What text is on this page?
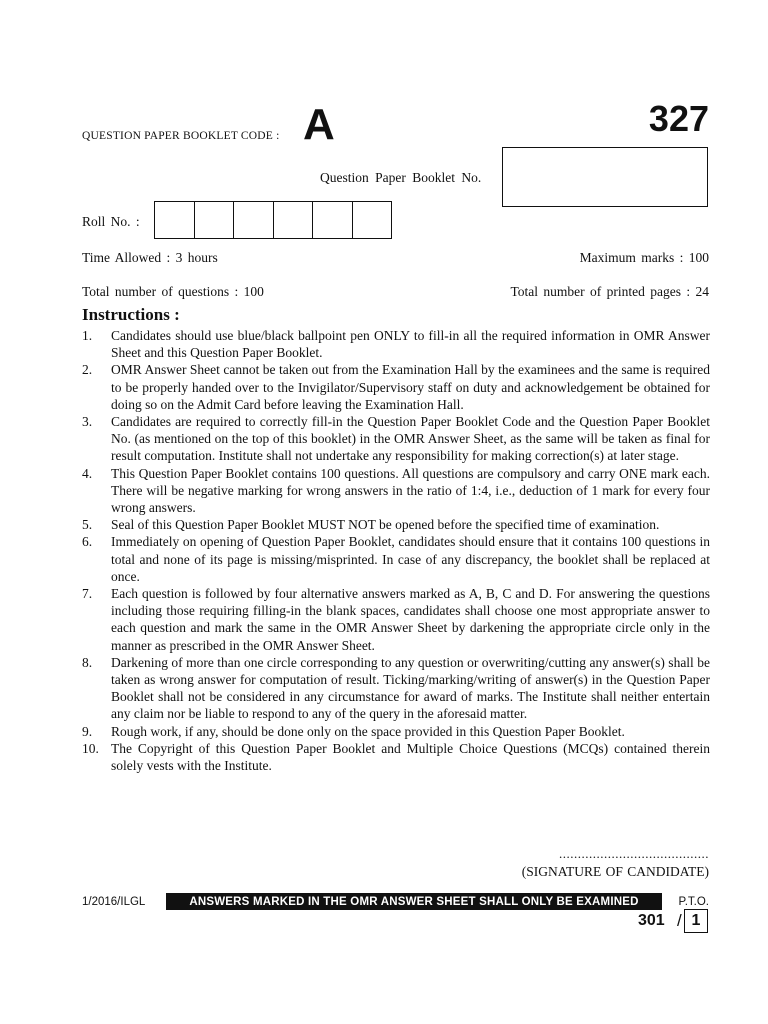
QUESTION PAPER BOOKLET CODE : A	327
Question Paper Booklet No.
Roll No. :
Time Allowed : 3 hours	Maximum marks : 100
Total number of questions : 100	Total number of printed pages : 24
Instructions :
1.	Candidates should use blue/black ballpoint pen ONLY to fill-in all the required information in OMR Answer Sheet and this Question Paper Booklet.
2.	OMR Answer Sheet cannot be taken out from the Examination Hall by the examinees and the same is required to be properly handed over to the Invigilator/Supervisory staff on duty and acknowledgement be obtained for doing so on the Admit Card before leaving the Examination Hall.
3.	Candidates are required to correctly fill-in the Question Paper Booklet Code and the Question Paper Booklet No. (as mentioned on the top of this booklet) in the OMR Answer Sheet, as the same will be taken as final for result computation. Institute shall not undertake any responsibility for making correction(s) at later stage.
4.	This Question Paper Booklet contains 100 questions. All questions are compulsory and carry ONE mark each. There will be negative marking for wrong answers in the ratio of 1:4, i.e., deduction of 1 mark for every four wrong answers.
5.	Seal of this Question Paper Booklet MUST NOT be opened before the specified time of examination.
6.	Immediately on opening of Question Paper Booklet, candidates should ensure that it contains 100 questions in total and none of its page is missing/misprinted. In case of any discrepancy, the booklet shall be replaced at once.
7.	Each question is followed by four alternative answers marked as A, B, C and D. For answering the questions including those requiring filling-in the blank spaces, candidates shall choose one most appropriate answer to each question and mark the same in the OMR Answer Sheet by darkening the appropriate circle only in the manner as prescribed in the OMR Answer Sheet.
8.	Darkening of more than one circle corresponding to any question or overwriting/cutting any answer(s) shall be taken as wrong answer for computation of result. Ticking/marking/writing of answer(s) in the Question Paper Booklet shall not be considered in any circumstance for award of marks. The Institute shall neither entertain any claim nor be liable to respond to any of the query in the aforesaid matter.
9.	Rough work, if any, should be done only on the space provided in this Question Paper Booklet.
10. The Copyright of this Question Paper Booklet and Multiple Choice Questions (MCQs) contained therein solely vests with the Institute.
........................................
(SIGNATURE OF CANDIDATE)
1/2016/ILGL	ANSWERS MARKED IN THE OMR ANSWER SHEET SHALL ONLY BE EXAMINED	P.T.O.
301 / 1
